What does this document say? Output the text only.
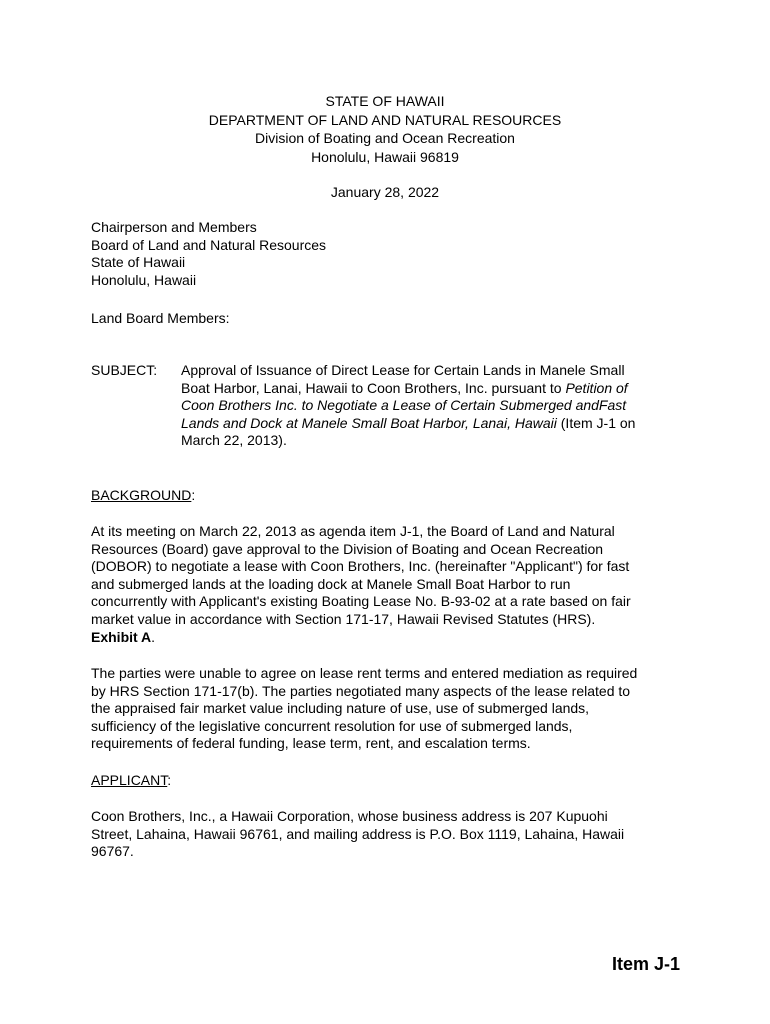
STATE OF HAWAII
DEPARTMENT OF LAND AND NATURAL RESOURCES
Division of Boating and Ocean Recreation
Honolulu, Hawaii 96819
January 28, 2022
Chairperson and Members
Board of Land and Natural Resources
State of Hawaii
Honolulu, Hawaii
Land Board Members:
SUBJECT: Approval of Issuance of Direct Lease for Certain Lands in Manele Small
Boat Harbor, Lanai, Hawaii to Coon Brothers, Inc. pursuant to Petition of
Coon Brothers Inc. to Negotiate a Lease of Certain Submerged andFast
Lands and Dock at Manele Small Boat Harbor, Lanai, Hawaii (Item J-1 on
March 22, 2013).
BACKGROUND:
At its meeting on March 22, 2013 as agenda item J-1, the Board of Land and Natural
Resources (Board) gave approval to the Division of Boating and Ocean Recreation
(DOBOR) to negotiate a lease with Coon Brothers, Inc. (hereinafter "Applicant") for fast
and submerged lands at the loading dock at Manele Small Boat Harbor to run
concurrently with Applicant's existing Boating Lease No. B-93-02 at a rate based on fair
market value in accordance with Section 171-17, Hawaii Revised Statutes (HRS).
Exhibit A.
The parties were unable to agree on lease rent terms and entered mediation as required
by HRS Section 171-17(b). The parties negotiated many aspects of the lease related to
the appraised fair market value including nature of use, use of submerged lands,
sufficiency of the legislative concurrent resolution for use of submerged lands,
requirements of federal funding, lease term, rent, and escalation terms.
APPLICANT:
Coon Brothers, Inc., a Hawaii Corporation, whose business address is 207 Kupuohi
Street, Lahaina, Hawaii 96761, and mailing address is P.O. Box 1119, Lahaina, Hawaii
96767.
Item J-1
